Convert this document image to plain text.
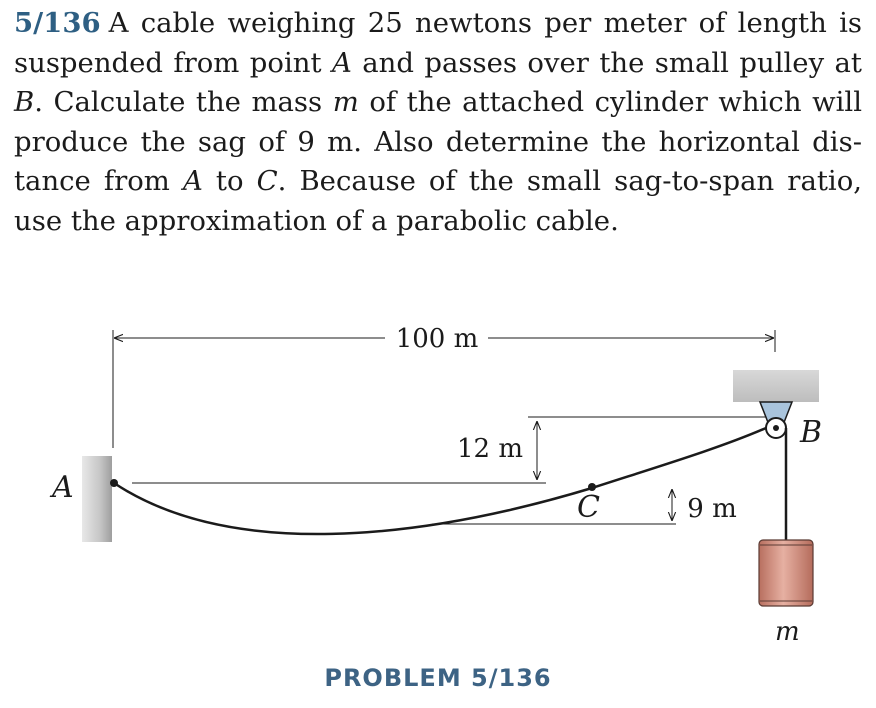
5/136 A cable weighing 25 newtons per meter of length is suspended from point A and passes over the small pulley at B. Calculate the mass m of the attached cylinder which will produce the sag of 9 m. Also determine the horizontal distance from A to C. Because of the small sag-to-span ratio, use the approximation of a parabolic cable.
100 m
12 m
9 m
A
B
C
m
PROBLEM 5/136
